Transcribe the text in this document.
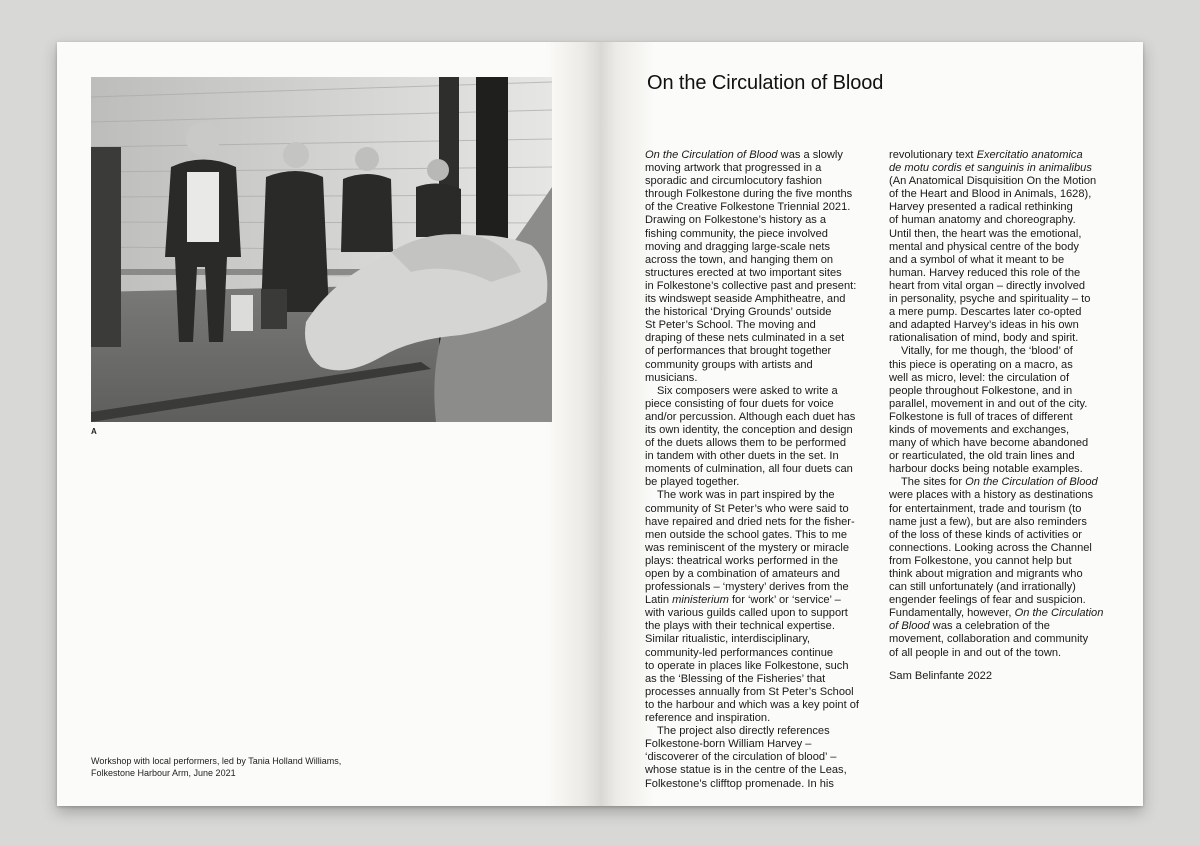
A
Workshop with local performers, led by Tania Holland Williams,
Folkestone Harbour Arm, June 2021
On the Circulation of Blood
On the Circulation of Blood was a slowly
moving artwork that progressed in a
sporadic and circumlocutory fashion
through Folkestone during the five months
of the Creative Folkestone Triennial 2021.
Drawing on Folkestone’s history as a
fishing community, the piece involved
moving and dragging large-scale nets
across the town, and hanging them on
structures erected at two important sites
in Folkestone’s collective past and present:
its windswept seaside Amphitheatre, and
the historical ‘Drying Grounds’ outside
St Peter’s School. The moving and
draping of these nets culminated in a set
of performances that brought together
community groups with artists and
musicians.
Six composers were asked to write a
piece consisting of four duets for voice
and/or percussion. Although each duet has
its own identity, the conception and design
of the duets allows them to be performed
in tandem with other duets in the set. In
moments of culmination, all four duets can
be played together.
The work was in part inspired by the
community of St Peter’s who were said to
have repaired and dried nets for the fisher-
men outside the school gates. This to me
was reminiscent of the mystery or miracle
plays: theatrical works performed in the
open by a combination of amateurs and
professionals – ‘mystery’ derives from the
Latin ministerium for ‘work’ or ‘service’ –
with various guilds called upon to support
the plays with their technical expertise.
Similar ritualistic, interdisciplinary,
community-led performances continue
to operate in places like Folkestone, such
as the ‘Blessing of the Fisheries’ that
processes annually from St Peter’s School
to the harbour and which was a key point of
reference and inspiration.
The project also directly references
Folkestone-born William Harvey –
‘discoverer of the circulation of blood’ –
whose statue is in the centre of the Leas,
Folkestone’s clifftop promenade. In his
revolutionary text Exercitatio anatomica
de motu cordis et sanguinis in animalibus
(An Anatomical Disquisition On the Motion
of the Heart and Blood in Animals, 1628),
Harvey presented a radical rethinking
of human anatomy and choreography.
Until then, the heart was the emotional,
mental and physical centre of the body
and a symbol of what it meant to be
human. Harvey reduced this role of the
heart from vital organ – directly involved
in personality, psyche and spirituality – to
a mere pump. Descartes later co-opted
and adapted Harvey’s ideas in his own
rationalisation of mind, body and spirit.
Vitally, for me though, the ‘blood’ of
this piece is operating on a macro, as
well as micro, level: the circulation of
people throughout Folkestone, and in
parallel, movement in and out of the city.
Folkestone is full of traces of different
kinds of movements and exchanges,
many of which have become abandoned
or rearticulated, the old train lines and
harbour docks being notable examples.
The sites for On the Circulation of Blood
were places with a history as destinations
for entertainment, trade and tourism (to
name just a few), but are also reminders
of the loss of these kinds of activities or
connections. Looking across the Channel
from Folkestone, you cannot help but
think about migration and migrants who
can still unfortunately (and irrationally)
engender feelings of fear and suspicion.
Fundamentally, however, On the Circulation
of Blood was a celebration of the
movement, collaboration and community
of all people in and out of the town.
Sam Belinfante 2022
